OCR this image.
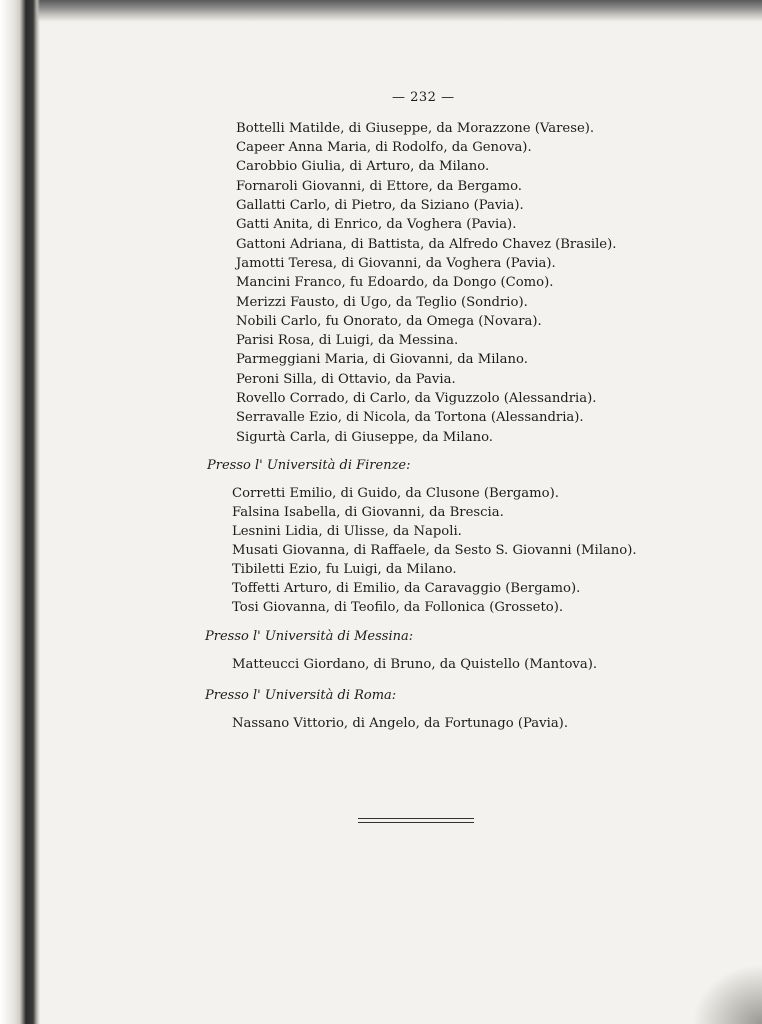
— 232 —
Bottelli Matilde, di Giuseppe, da Morazzone (Varese).
Capeer Anna Maria, di Rodolfo, da Genova).
Carobbio Giulia, di Arturo, da Milano.
Fornaroli Giovanni, di Ettore, da Bergamo.
Gallatti Carlo, di Pietro, da Siziano (Pavia).
Gatti Anita, di Enrico, da Voghera (Pavia).
Gattoni Adriana, di Battista, da Alfredo Chavez (Brasile).
Jamotti Teresa, di Giovanni, da Voghera (Pavia).
Mancini Franco, fu Edoardo, da Dongo (Como).
Merizzi Fausto, di Ugo, da Teglio (Sondrio).
Nobili Carlo, fu Onorato, da Omega (Novara).
Parisi Rosa, di Luigi, da Messina.
Parmeggiani Maria, di Giovanni, da Milano.
Peroni Silla, di Ottavio, da Pavia.
Rovello Corrado, di Carlo, da Viguzzolo (Alessandria).
Serravalle Ezio, di Nicola, da Tortona (Alessandria).
Sigurtà Carla, di Giuseppe, da Milano.
Presso l' Università di Firenze:
Corretti Emilio, di Guido, da Clusone (Bergamo).
Falsina Isabella, di Giovanni, da Brescia.
Lesnini Lidia, di Ulisse, da Napoli.
Musati Giovanna, di Raffaele, da Sesto S. Giovanni (Milano).
Tibiletti Ezio, fu Luigi, da Milano.
Toffetti Arturo, di Emilio, da Caravaggio (Bergamo).
Tosi Giovanna, di Teofilo, da Follonica (Grosseto).
Presso l' Università di Messina:
Matteucci Giordano, di Bruno, da Quistello (Mantova).
Presso l' Università di Roma:
Nassano Vittorio, di Angelo, da Fortunago (Pavia).
